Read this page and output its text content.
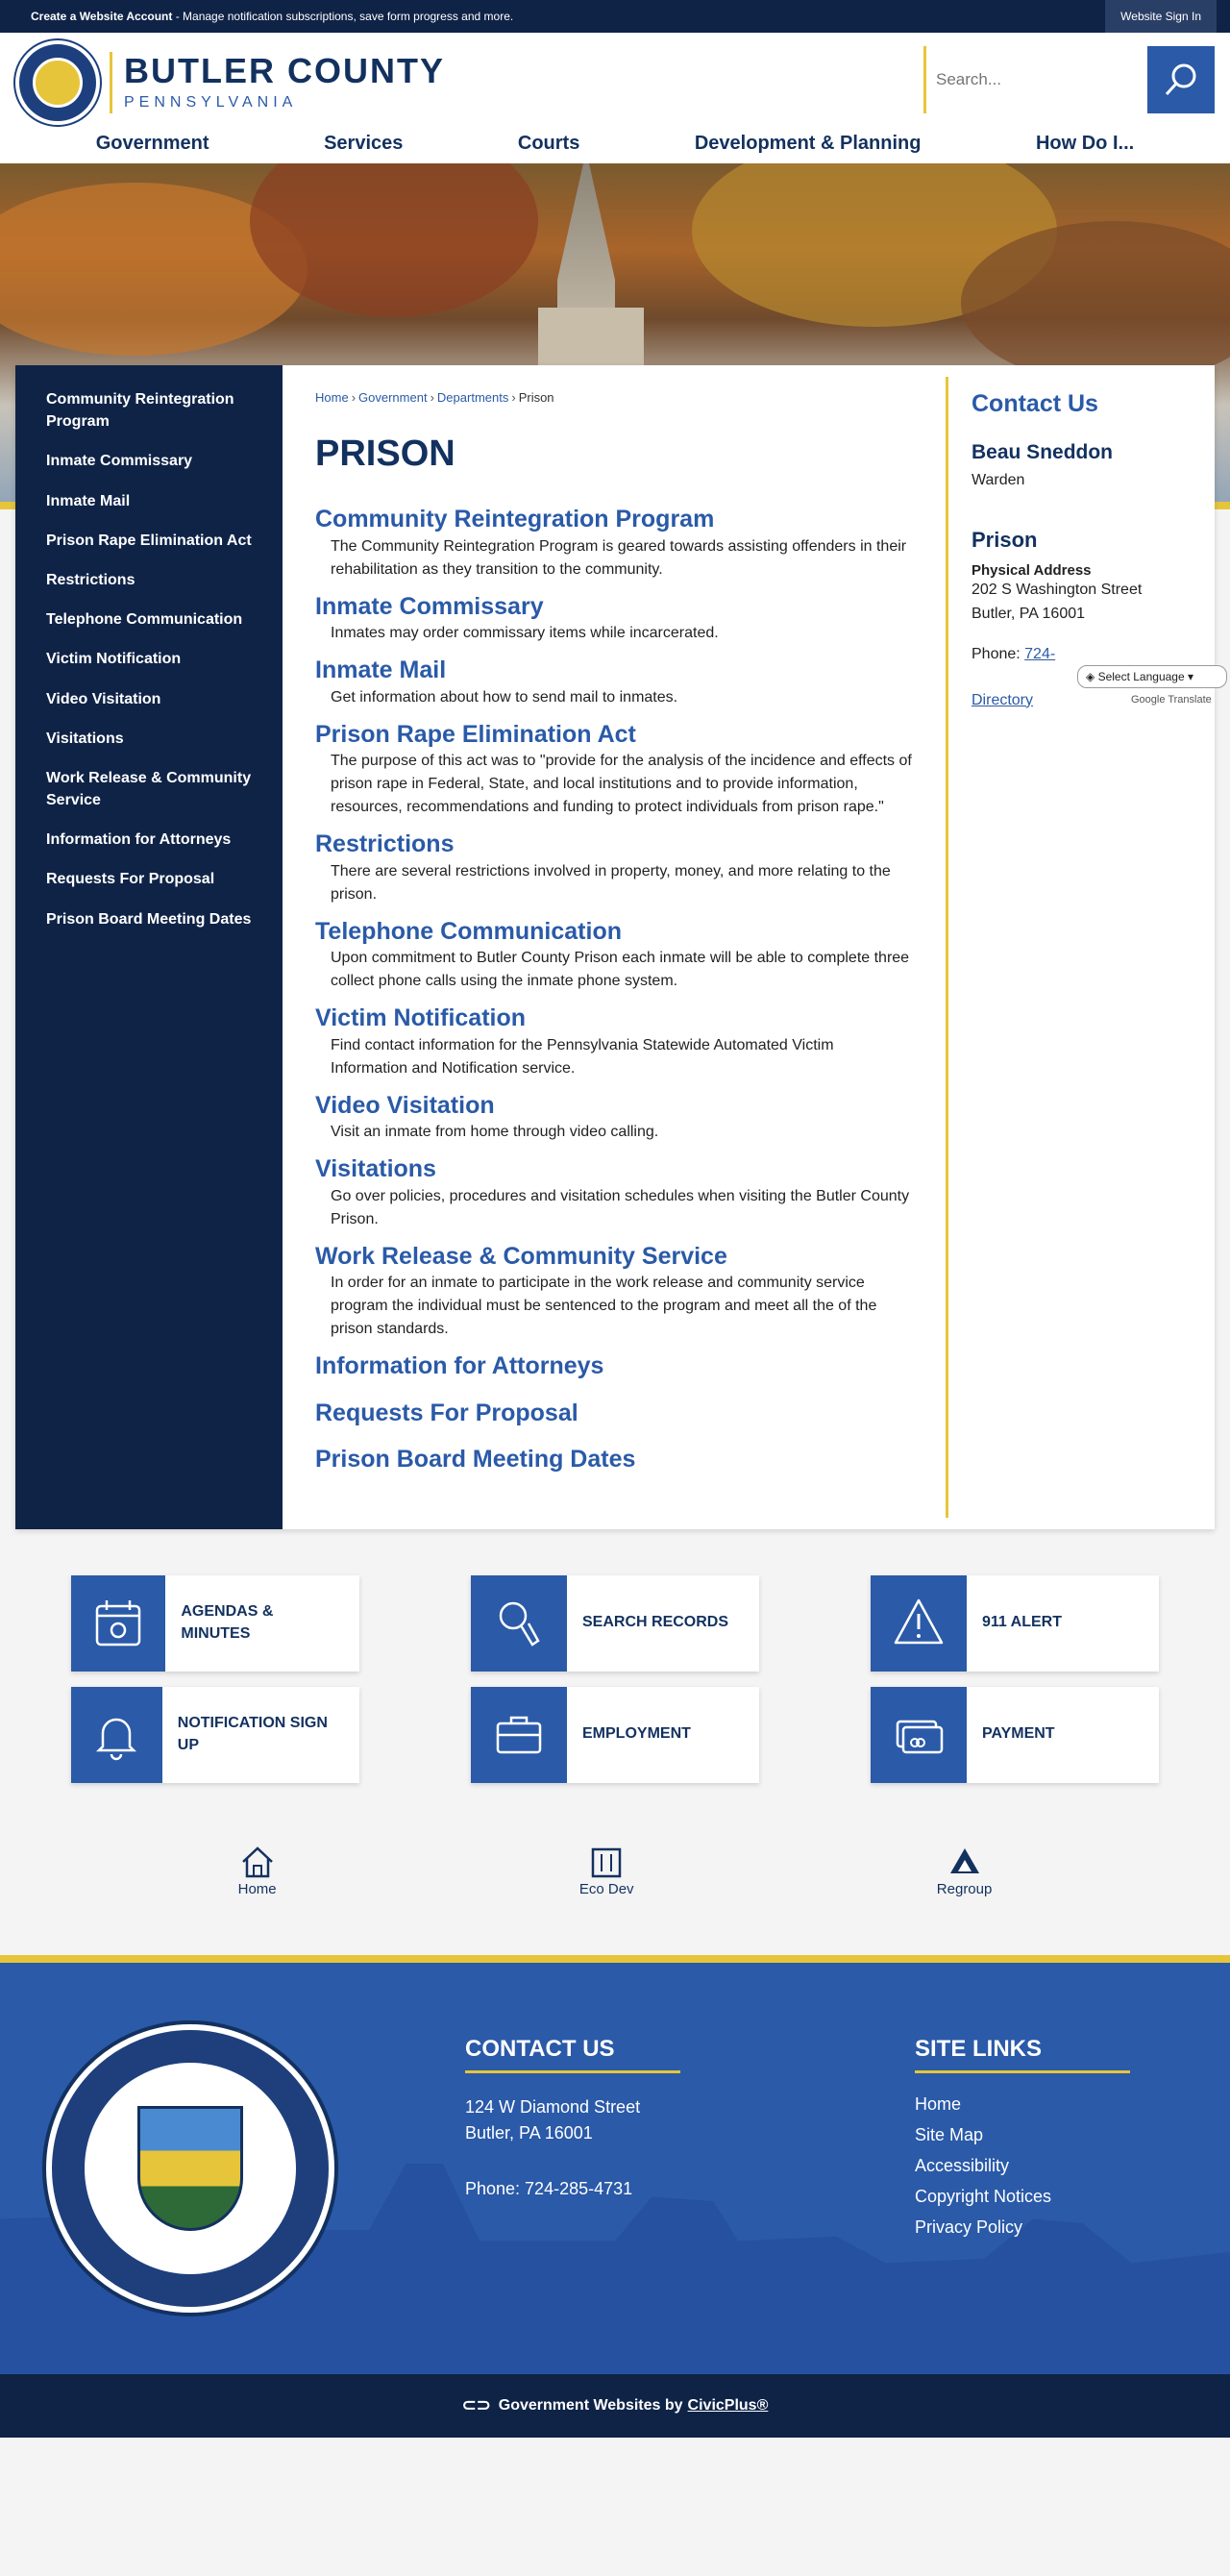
Create a Website Account - Manage notification subscriptions, save form progress and more.	Website Sign In
BUTLER COUNTY
PENNSYLVANIA
Search...
Government	Services	Courts	Development & Planning	How Do I...
Community Reintegration Program
Inmate Commissary
Inmate Mail
Prison Rape Elimination Act
Restrictions
Telephone Communication
Victim Notification
Video Visitation
Visitations
Work Release & Community Service
Information for Attorneys
Requests For Proposal
Prison Board Meeting Dates
Home › Government › Departments › Prison
PRISON
Community Reintegration Program
The Community Reintegration Program is geared towards assisting offenders in their rehabilitation as they transition to the community.
Inmate Commissary
Inmates may order commissary items while incarcerated.
Inmate Mail
Get information about how to send mail to inmates.
Prison Rape Elimination Act
The purpose of this act was to "provide for the analysis of the incidence and effects of prison rape in Federal, State, and local institutions and to provide information, resources, recommendations and funding to protect individuals from prison rape."
Restrictions
There are several restrictions involved in property, money, and more relating to the prison.
Telephone Communication
Upon commitment to Butler County Prison each inmate will be able to complete three collect phone calls using the inmate phone system.
Victim Notification
Find contact information for the Pennsylvania Statewide Automated Victim Information and Notification service.
Video Visitation
Visit an inmate from home through video calling.
Visitations
Go over policies, procedures and visitation schedules when visiting the Butler County Prison.
Work Release & Community Service
In order for an inmate to participate in the work release and community service program the individual must be sentenced to the program and meet all the of the prison standards.
Information for Attorneys
Requests For Proposal
Prison Board Meeting Dates
Contact Us
Beau Sneddon
Warden
Prison
Physical Address
202 S Washington Street
Butler, PA 16001
Phone: 724-
Directory
◈ Select Language ▾
Google Translate
AGENDAS & MINUTES
SEARCH RECORDS	911 ALERT
NOTIFICATION SIGN UP
EMPLOYMENT	PAYMENT
Home	Eco Dev	Regroup
CONTACT US
124 W Diamond Street
Butler, PA 16001
Phone: 724-285-4731
SITE LINKS
Home
Site Map
Accessibility
Copyright Notices
Privacy Policy
⊂⊃ Government Websites by CivicPlus®
